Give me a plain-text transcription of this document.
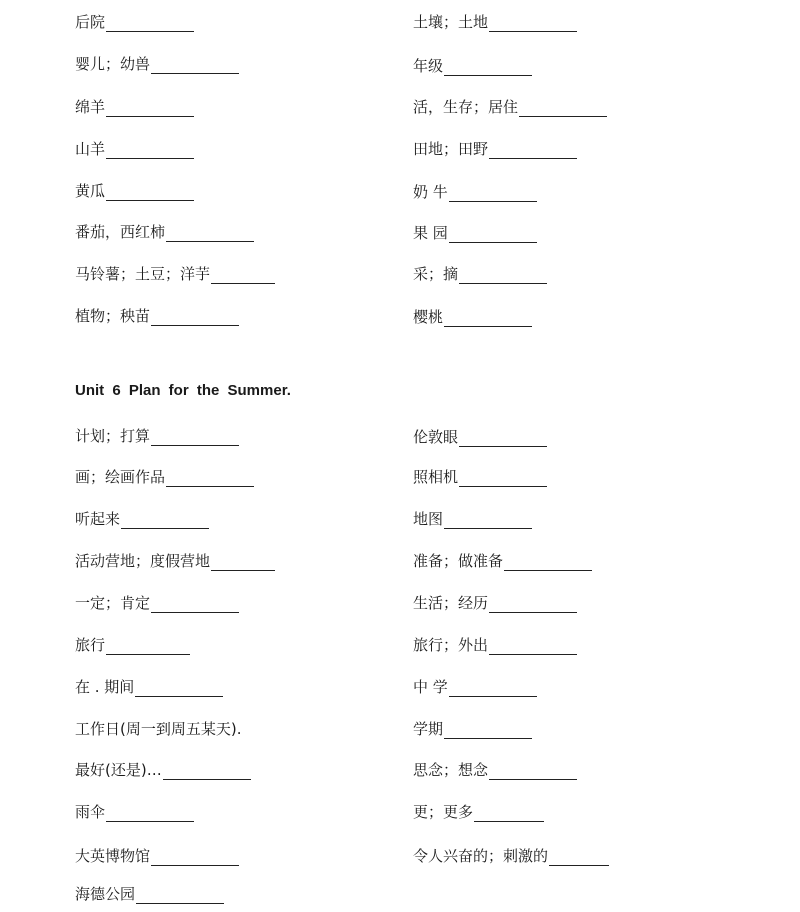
后院
婴儿；幼兽
绵羊
山羊
黄瓜
番茄，西红柿
马铃薯；土豆；洋芋
植物；秧苗
土壤；土地
年级
活，生存；居住
田地；田野
奶 牛
果 园
采；摘
樱桃
Unit 6 Plan for the Summer.
计划；打算
画；绘画作品
听起来
活动营地；度假营地
一定；肯定
旅行
在 . 期间
工作日(周一到周五某天).
最好(还是)…
雨伞
大英博物馆
海德公园
伦敦眼
照相机
地图
准备；做准备
生活；经历
旅行；外出
中 学
学期
思念；想念
更；更多
令人兴奋的；刺激的
